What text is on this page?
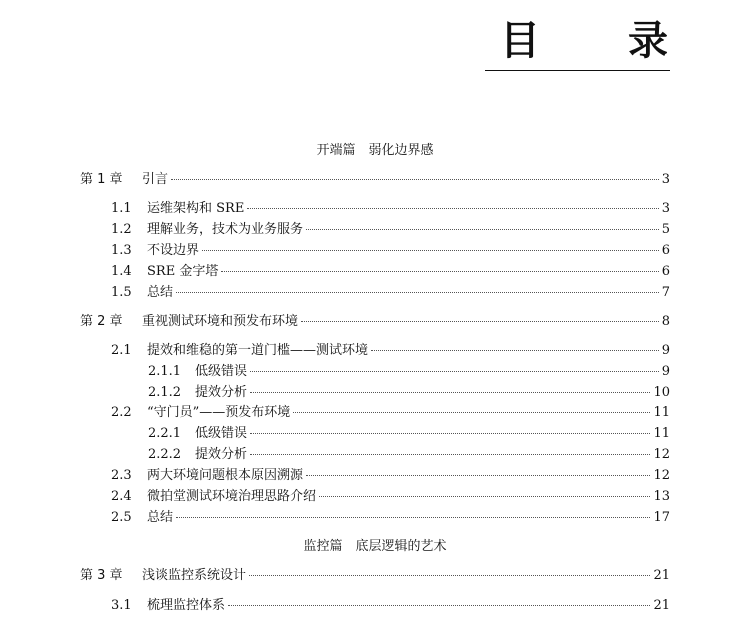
目 录
开端篇　弱化边界感
第 1 章	引言	3
1.1	运维架构和 SRE	3
1.2	理解业务，技术为业务服务	5
1.3	不设边界	6
1.4	SRE 金字塔	6
1.5	总结	7
第 2 章	重视测试环境和预发布环境	8
2.1	提效和维稳的第一道门槛——测试环境	9
2.1.1	低级错误	9
2.1.2	提效分析	10
2.2	“守门员”——预发布环境	11
2.2.1	低级错误	11
2.2.2	提效分析	12
2.3	两大环境问题根本原因溯源	12
2.4	微拍堂测试环境治理思路介绍	13
2.5	总结	17
监控篇　底层逻辑的艺术
第 3 章	浅谈监控系统设计	21
3.1	梳理监控体系	21
